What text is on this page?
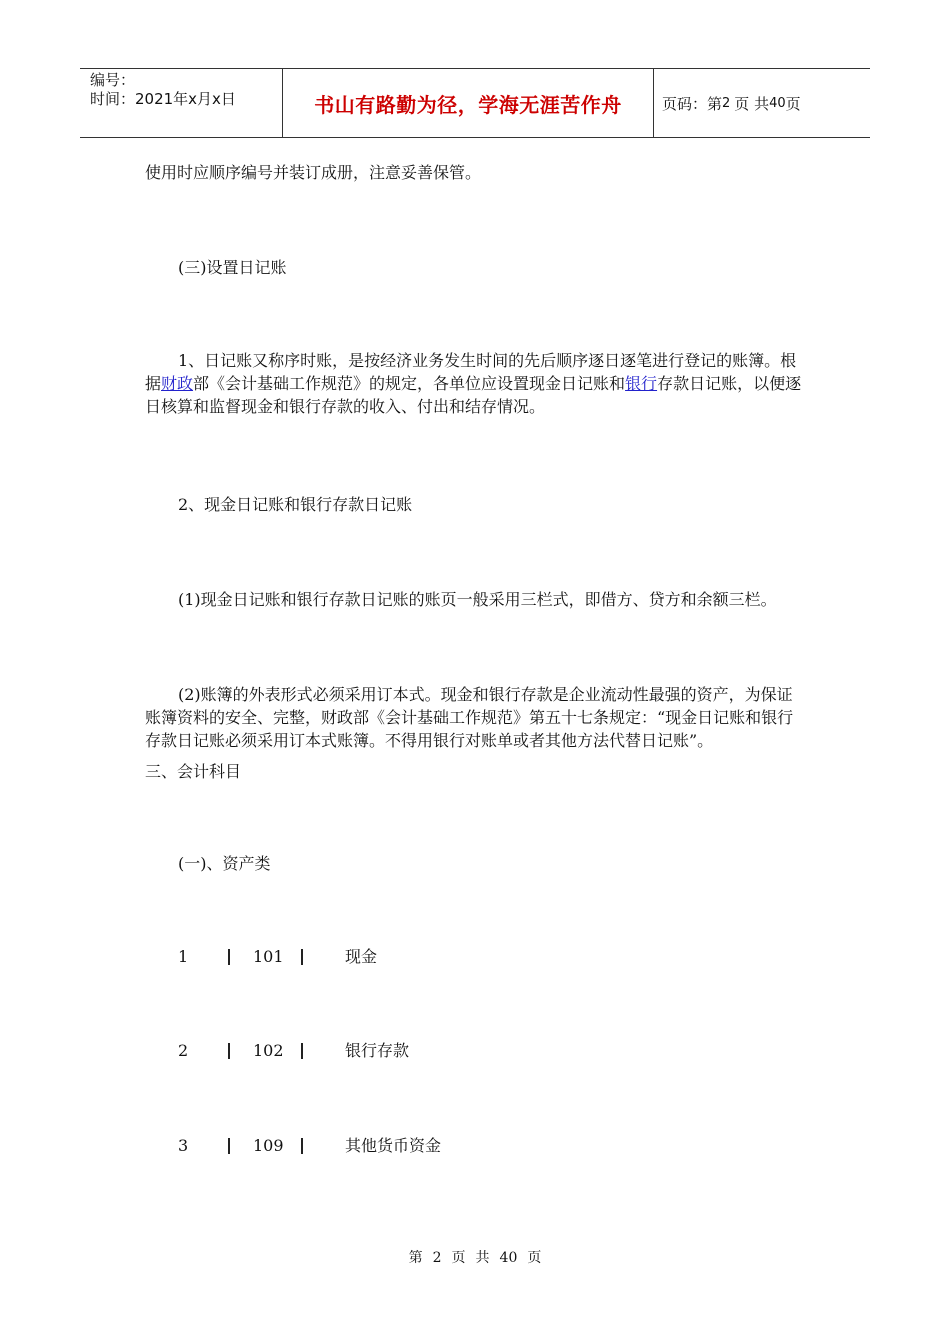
编号：
时间：2021年x月x日	书山有路勤为径，学海无涯苦作舟	页码：第 2 页 共 40 页

使用时应顺序编号并装订成册，注意妥善保管。

(三)设置日记账

1、日记账又称序时账，是按经济业务发生时间的先后顺序逐日逐笔进行登记的账簿。根据财政部《会计基础工作规范》的规定，各单位应设置现金日记账和银行存款日记账，以便逐日核算和监督现金和银行存款的收入、付出和结存情况。

2、现金日记账和银行存款日记账

(1)现金日记账和银行存款日记账的账页一般采用三栏式，即借方、贷方和余额三栏。

(2)账簿的外表形式必须采用订本式。现金和银行存款是企业流动性最强的资产，为保证账簿资料的安全、完整，财政部《会计基础工作规范》第五十七条规定：“现金日记账和银行存款日记账必须采用订本式账簿。不得用银行对账单或者其他方法代替日记账”。

三、会计科目

(一)、资产类

1	101	现金
2	102	银行存款
3	109	其他货币资金
第 2 页 共 40 页
